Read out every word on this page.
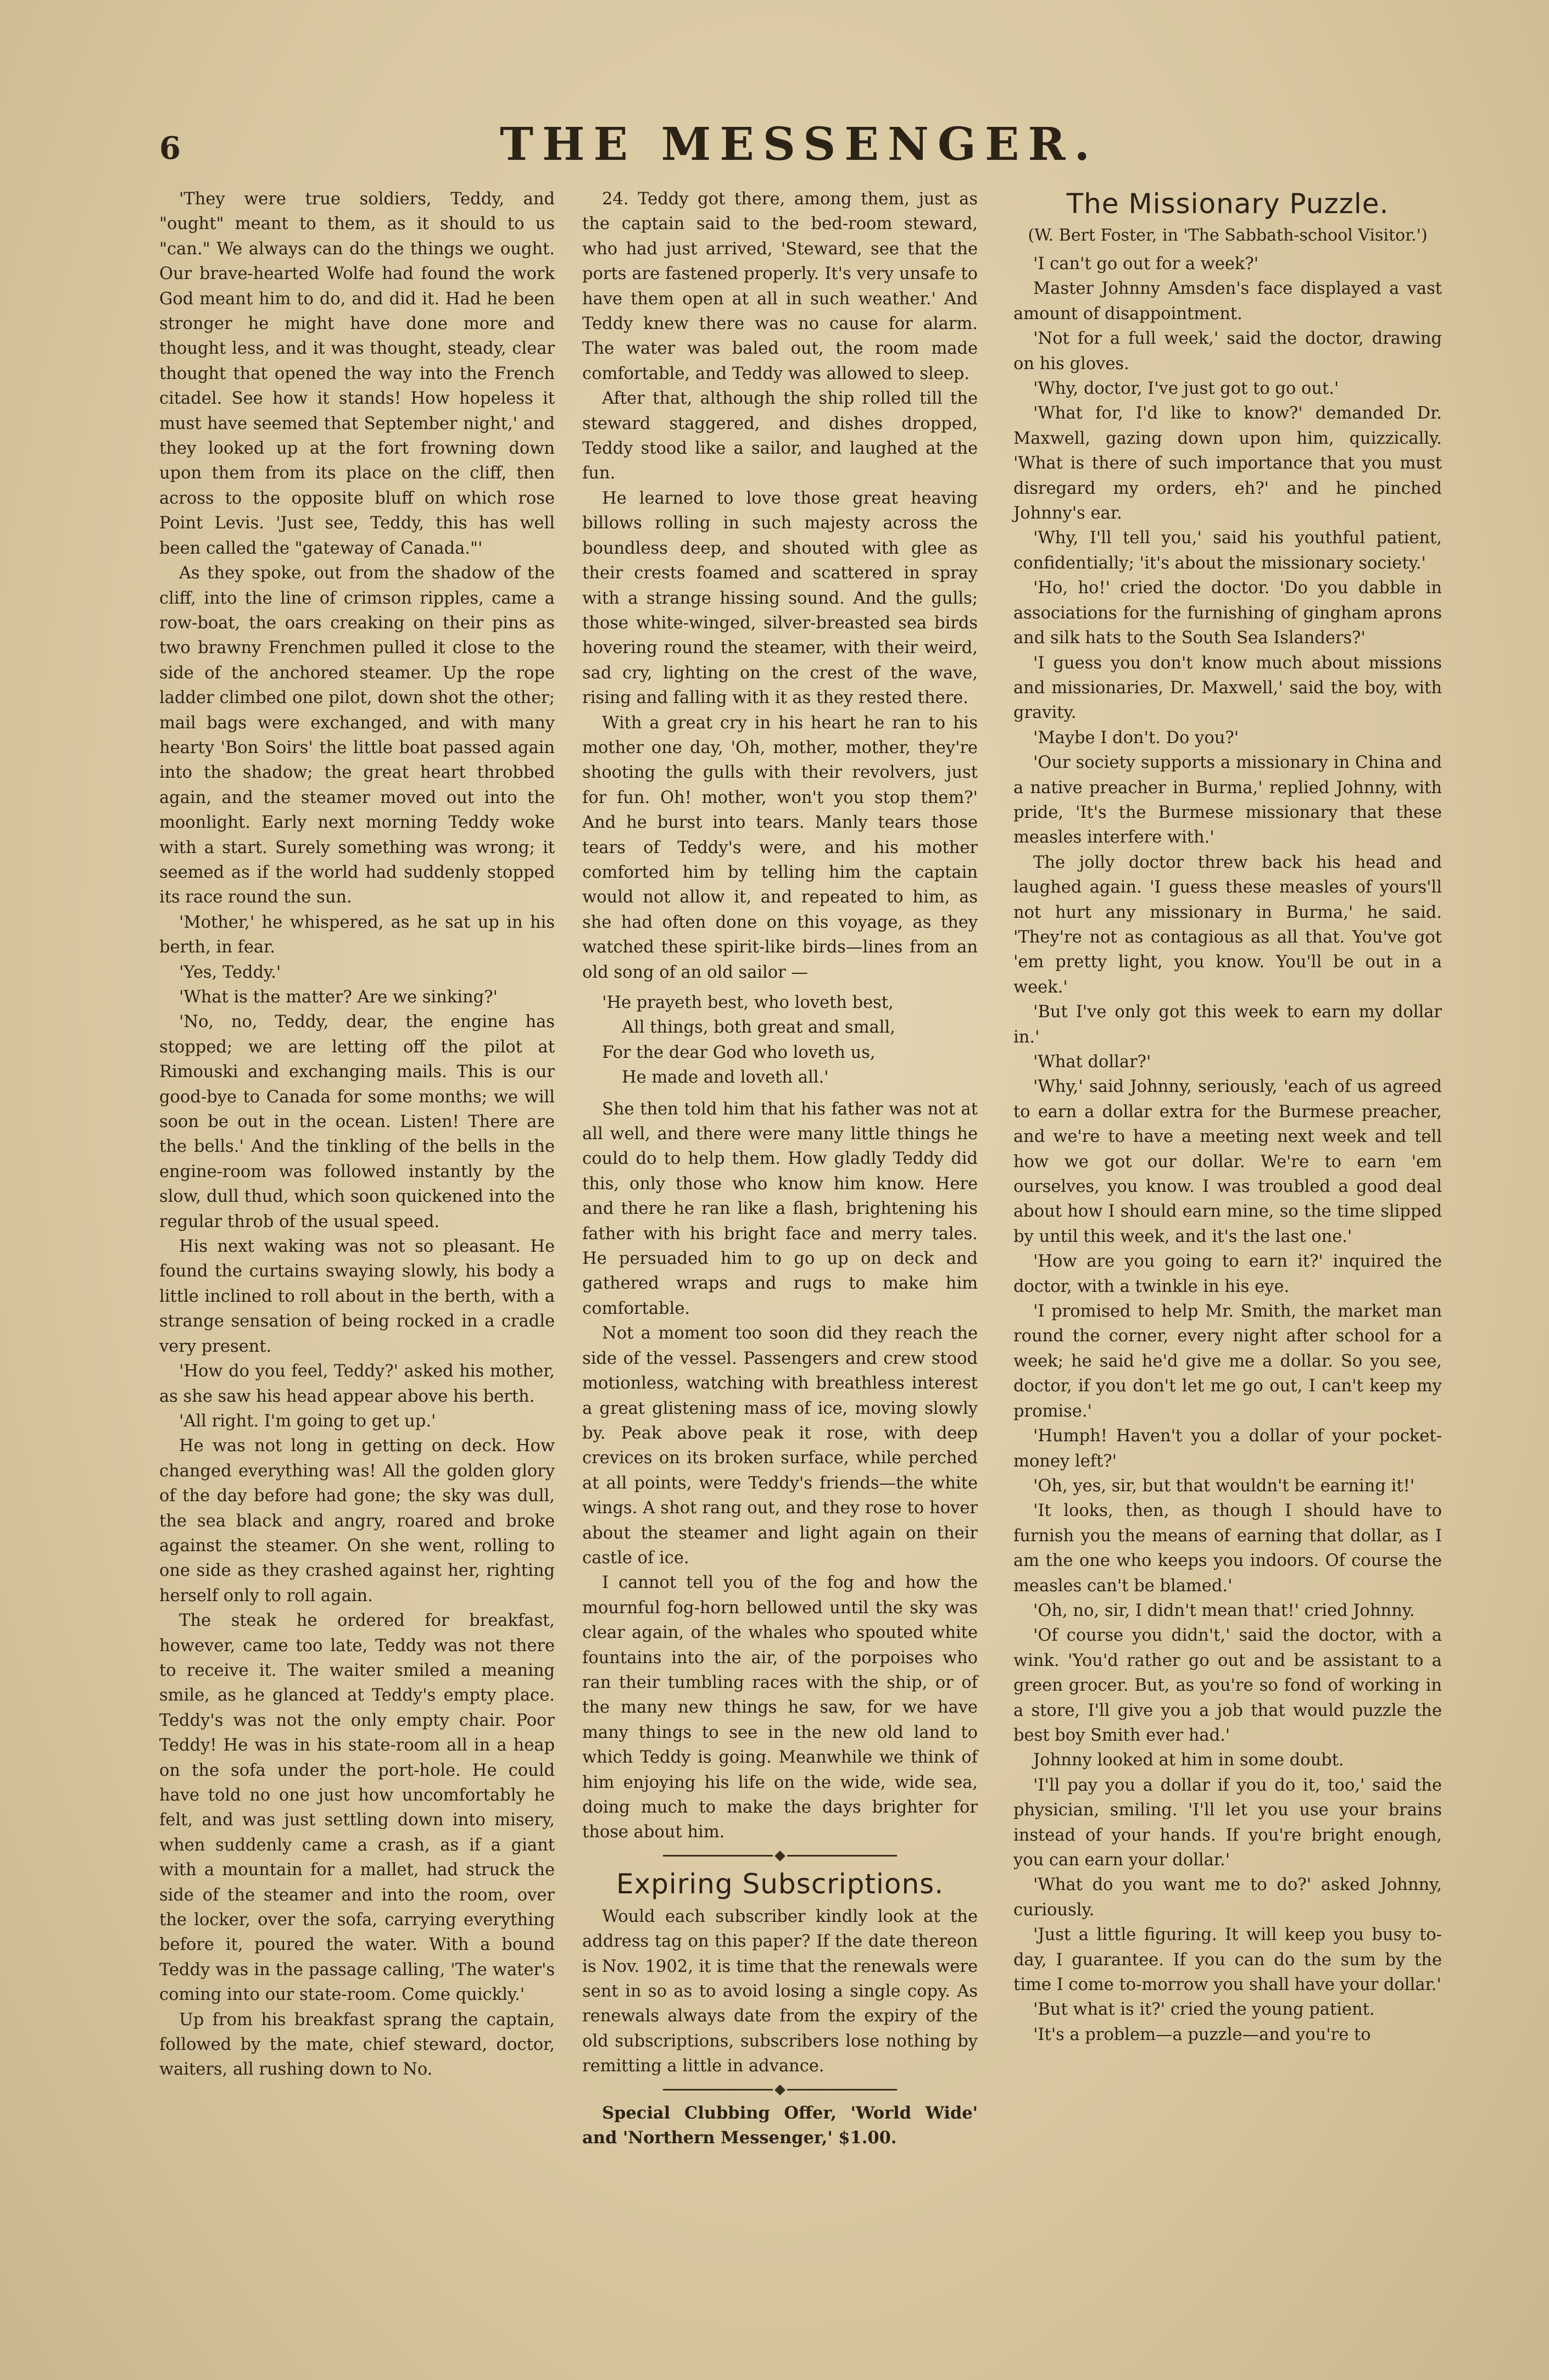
6	THE MESSENGER.

'They were true soldiers, Teddy, and "ought" meant to them, as it should to us "can." We always can do the things we ought. Our brave-hearted Wolfe had found the work God meant him to do, and did it. Had he been stronger he might have done more and thought less, and it was thought, steady, clear thought that opened the way into the French citadel. See how it stands! How hopeless it must have seemed that September night,' and they looked up at the fort frowning down upon them from its place on the cliff, then across to the opposite bluff on which rose Point Levis. 'Just see, Teddy, this has well been called the "gateway of Canada."'

As they spoke, out from the shadow of the cliff, into the line of crimson ripples, came a row-boat, the oars creaking on their pins as two brawny Frenchmen pulled it close to the side of the anchored steamer. Up the rope ladder climbed one pilot, down shot the other; mail bags were exchanged, and with many hearty 'Bon Soirs' the little boat passed again into the shadow; the great heart throbbed again, and the steamer moved out into the moonlight. Early next morning Teddy woke with a start. Surely something was wrong; it seemed as if the world had suddenly stopped its race round the sun.

'Mother,' he whispered, as he sat up in his berth, in fear.

'Yes, Teddy.'

'What is the matter? Are we sinking?'

'No, no, Teddy, dear, the engine has stopped; we are letting off the pilot at Rimouski and exchanging mails. This is our good-bye to Canada for some months; we will soon be out in the ocean. Listen! There are the bells.' And the tinkling of the bells in the engine-room was followed instantly by the slow, dull thud, which soon quickened into the regular throb of the usual speed.

His next waking was not so pleasant. He found the curtains swaying slowly, his body a little inclined to roll about in the berth, with a strange sensation of being rocked in a cradle very present.

'How do you feel, Teddy?' asked his mother, as she saw his head appear above his berth.

'All right. I'm going to get up.'

He was not long in getting on deck. How changed everything was! All the golden glory of the day before had gone; the sky was dull, the sea black and angry, roared and broke against the steamer. On she went, rolling to one side as they crashed against her, righting herself only to roll again.

The steak he ordered for breakfast, however, came too late, Teddy was not there to receive it. The waiter smiled a meaning smile, as he glanced at Teddy's empty place. Teddy's was not the only empty chair. Poor Teddy! He was in his state-room all in a heap on the sofa under the port-hole. He could have told no one just how uncomfortably he felt, and was just settling down into misery, when suddenly came a crash, as if a giant with a mountain for a mallet, had struck the side of the steamer and into the room, over the locker, over the sofa, carrying everything before it, poured the water. With a bound Teddy was in the passage calling, 'The water's coming into our state-room. Come quickly.'

Up from his breakfast sprang the captain, followed by the mate, chief steward, doctor, waiters, all rushing down to No.

24. Teddy got there, among them, just as the captain said to the bed-room steward, who had just arrived, 'Steward, see that the ports are fastened properly. It's very unsafe to have them open at all in such weather.' And Teddy knew there was no cause for alarm. The water was baled out, the room made comfortable, and Teddy was allowed to sleep.

After that, although the ship rolled till the steward staggered, and dishes dropped, Teddy stood like a sailor, and laughed at the fun.

He learned to love those great heaving billows rolling in such majesty across the boundless deep, and shouted with glee as their crests foamed and scattered in spray with a strange hissing sound. And the gulls; those white-winged, silver-breasted sea birds hovering round the steamer, with their weird, sad cry, lighting on the crest of the wave, rising and falling with it as they rested there.

With a great cry in his heart he ran to his mother one day, 'Oh, mother, mother, they're shooting the gulls with their revolvers, just for fun. Oh! mother, won't you stop them?' And he burst into tears. Manly tears those tears of Teddy's were, and his mother comforted him by telling him the captain would not allow it, and repeated to him, as she had often done on this voyage, as they watched these spirit-like birds—lines from an old song of an old sailor —

'He prayeth best, who loveth best,
All things, both great and small,
For the dear God who loveth us,
He made and loveth all.'

She then told him that his father was not at all well, and there were many little things he could do to help them. How gladly Teddy did this, only those who know him know. Here and there he ran like a flash, brightening his father with his bright face and merry tales. He persuaded him to go up on deck and gathered wraps and rugs to make him comfortable.

Not a moment too soon did they reach the side of the vessel. Passengers and crew stood motionless, watching with breathless interest a great glistening mass of ice, moving slowly by. Peak above peak it rose, with deep crevices on its broken surface, while perched at all points, were Teddy's friends—the white wings. A shot rang out, and they rose to hover about the steamer and light again on their castle of ice.

I cannot tell you of the fog and how the mournful fog-horn bellowed until the sky was clear again, of the whales who spouted white fountains into the air, of the porpoises who ran their tumbling races with the ship, or of the many new things he saw, for we have many things to see in the new old land to which Teddy is going. Meanwhile we think of him enjoying his life on the wide, wide sea, doing much to make the days brighter for those about him.

Expiring Subscriptions.

Would each subscriber kindly look at the address tag on this paper? If the date thereon is Nov. 1902, it is time that the renewals were sent in so as to avoid losing a single copy. As renewals always date from the expiry of the old subscriptions, subscribers lose nothing by remitting a little in advance.

Special Clubbing Offer, 'World Wide' and 'Northern Messenger,' $1.00.

The Missionary Puzzle.
(W. Bert Foster, in 'The Sabbath-school Visitor.')

'I can't go out for a week?'

Master Johnny Amsden's face displayed a vast amount of disappointment.

'Not for a full week,' said the doctor, drawing on his gloves.

'Why, doctor, I've just got to go out.'

'What for, I'd like to know?' demanded Dr. Maxwell, gazing down upon him, quizzically. 'What is there of such importance that you must disregard my orders, eh?' and he pinched Johnny's ear.

'Why, I'll tell you,' said his youthful patient, confidentially; 'it's about the missionary society.'

'Ho, ho!' cried the doctor. 'Do you dabble in associations for the furnishing of gingham aprons and silk hats to the South Sea Islanders?'

'I guess you don't know much about missions and missionaries, Dr. Maxwell,' said the boy, with gravity.

'Maybe I don't. Do you?'

'Our society supports a missionary in China and a native preacher in Burma,' replied Johnny, with pride, 'It's the Burmese missionary that these measles interfere with.'

The jolly doctor threw back his head and laughed again. 'I guess these measles of yours'll not hurt any missionary in Burma,' he said. 'They're not as contagious as all that. You've got 'em pretty light, you know. You'll be out in a week.'

'But I've only got this week to earn my dollar in.'

'What dollar?'

'Why,' said Johnny, seriously, 'each of us agreed to earn a dollar extra for the Burmese preacher, and we're to have a meeting next week and tell how we got our dollar. We're to earn 'em ourselves, you know. I was troubled a good deal about how I should earn mine, so the time slipped by until this week, and it's the last one.'

'How are you going to earn it?' inquired the doctor, with a twinkle in his eye.

'I promised to help Mr. Smith, the market man round the corner, every night after school for a week; he said he'd give me a dollar. So you see, doctor, if you don't let me go out, I can't keep my promise.'

'Humph! Haven't you a dollar of your pocket-money left?'

'Oh, yes, sir, but that wouldn't be earning it!'

'It looks, then, as though I should have to furnish you the means of earning that dollar, as I am the one who keeps you indoors. Of course the measles can't be blamed.'

'Oh, no, sir, I didn't mean that!' cried Johnny.

'Of course you didn't,' said the doctor, with a wink. 'You'd rather go out and be assistant to a green grocer. But, as you're so fond of working in a store, I'll give you a job that would puzzle the best boy Smith ever had.'

Johnny looked at him in some doubt.

'I'll pay you a dollar if you do it, too,' said the physician, smiling. 'I'll let you use your brains instead of your hands. If you're bright enough, you can earn your dollar.'

'What do you want me to do?' asked Johnny, curiously.

'Just a little figuring. It will keep you busy to-day, I guarantee. If you can do the sum by the time I come to-morrow you shall have your dollar.'

'But what is it?' cried the young patient.

'It's a problem—a puzzle—and you're to
